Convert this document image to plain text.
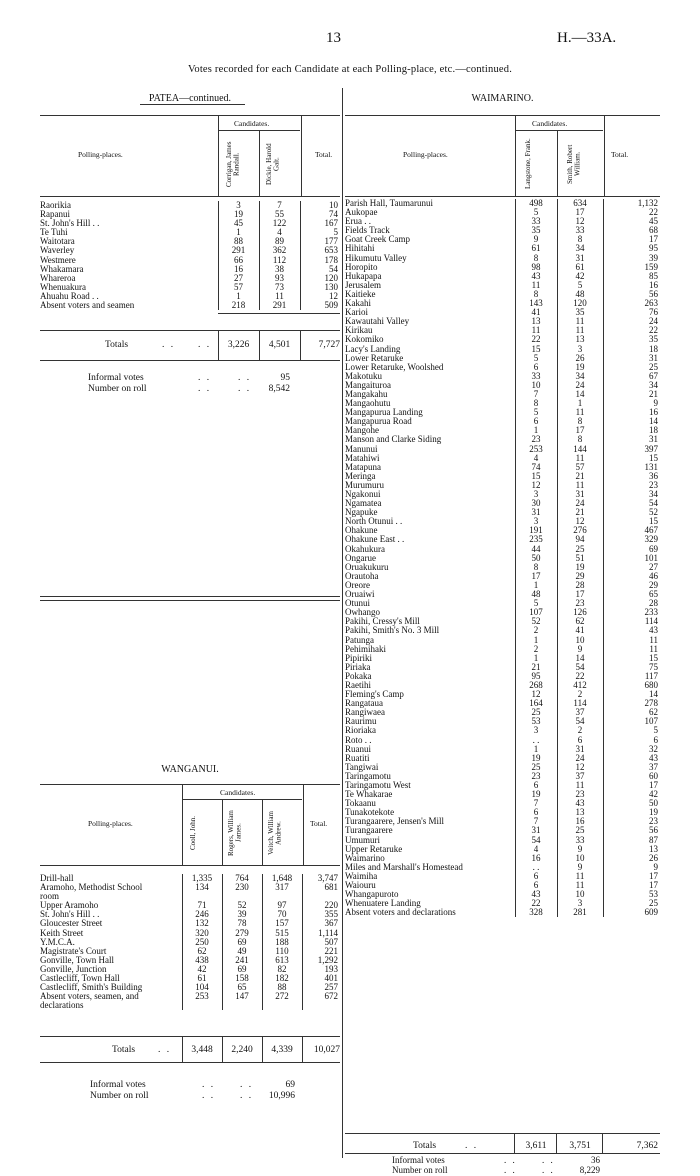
13	H.—33A.
Votes recorded for each Candidate at each Polling-place, etc.—continued.
PATEA—continued.
Polling-places.
Candidates.
Corrigan, James Randall.	Dickie, Harold Galt.
Total.
Raorikia	3	7	10
Rapanui	19	55	74
St. John's Hill . .	45	122	167
Te Tuhi	1	4	5
Waitotara	88	89	177
Waverley	291	362	653
Westmere	66	112	178
Whakamara	16	38	54
Whareroa	27	93	120
Whenuakura	57	73	130
Ahuahu Road . .	1	11	12
Absent voters and seamen	218	291	509
Totals	. . . .	3,226	4,501	7,727
Informal votes	. .	. .	95
Number on roll	. .	. .	8,542
WAIMARINO.
Polling-places.
Candidates.
Langstone, Frank.	Smith, Robert William.	Total.
Parish Hall, Taumarunui	498	634	1,132
Aukopae	5	17	22
Erua . .	33	12	45
Fields Track	35	33	68
Goat Creek Camp	9	8	17
Hihitahi	61	34	95
Hikumutu Valley	8	31	39
Horopito	98	61	159
Hukapapa	43	42	85
Jerusalem	11	5	16
Kaitieke	8	48	56
Kakahi	143	120	263
Karioi	41	35	76
Kawautahi Valley	13	11	24
Kirikau	11	11	22
Kokomiko	22	13	35
Lacy's Landing	15	3	18
Lower Retaruke	5	26	31
Lower Retaruke, Woolshed	6	19	25
Makotuku	33	34	67
Mangaituroa	10	24	34
Mangakahu	7	14	21
Mangaohutu	8	1	9
Mangapurua Landing	5	11	16
Mangapurua Road	6	8	14
Mangohe	1	17	18
Manson and Clarke Siding	23	8	31
Manunui	253	144	397
Matahiwi	4	11	15
Matapuna	74	57	131
Meringa	15	21	36
Murumuru	12	11	23
Ngakonui	3	31	34
Ngamatea	30	24	54
Ngapuke	31	21	52
North Otunui . .	3	12	15
Ohakune	191	276	467
Ohakune East . .	235	94	329
Okahukura	44	25	69
Ongarue	50	51	101
Oruakukuru	8	19	27
Orautoha	17	29	46
Oreore	1	28	29
Oruaiwi	48	17	65
Otunui	5	23	28
Owhango	107	126	233
Pakihi, Cressy's Mill	52	62	114
Pakihi, Smith's No. 3 Mill	2	41	43
Patunga	1	10	11
Pehimihaki	2	9	11
Pipiriki	1	14	15
Piriaka	21	54	75
Pokaka	95	22	117
Raetihi	268	412	680
Fleming's Camp	12	2	14
Rangataua	164	114	278
Rangiwaea	25	37	62
Raurimu	53	54	107
Rioriaka	3	2	5
Roto . .	. .	6	6
Ruanui	1	31	32
Ruatiti	19	24	43
Tangiwai	25	12	37
Taringamotu	23	37	60
Taringamotu West	6	11	17
Te Whakarae	19	23	42
Tokaanu	7	43	50
Tunakotekote	6	13	19
Turangaarere, Jensen's Mill	7	16	23
Turangaarere	31	25	56
Umumuri	54	33	87
Upper Retaruke	4	9	13
Waimarino	16	10	26
Miles and Marshall's Homestead	. .	9	9
Waimiha	6	11	17
Waiouru	6	11	17
Whangapuroto	43	10	53
Whenuatere Landing	22	3	25
Absent voters and declarations	328	281	609
Totals	. .	3,611	3,751	7,362
Informal votes	. .	. .	36
Number on roll	. .	. .	8,229
WANGANUI.
Polling-places.
Candidates.
Cooll, John.	Rogers, William James.	Veitch, William Andrew.	Total.
Drill-hall	1,335	764	1,648	3,747
Aramoho, Methodist School	134	230	317	681
room				
Upper Aramoho	71	52	97	220
St. John's Hill . .	246	39	70	355
Gloucester Street	132	78	157	367
Keith Street	320	279	515	1,114
Y.M.C.A.	250	69	188	507
Magistrate's Court	62	49	110	221
Gonville, Town Hall	438	241	613	1,292
Gonville, Junction	42	69	82	193
Castlecliff, Town Hall	61	158	182	401
Castlecliff, Smith's Building	104	65	88	257
Absent voters, seamen, and	253	147	272	672
declarations				
Totals . .	3,448	2,240	4,339	10,027
Informal votes	. .	. .	69
Number on roll	. .	. .	10,996
